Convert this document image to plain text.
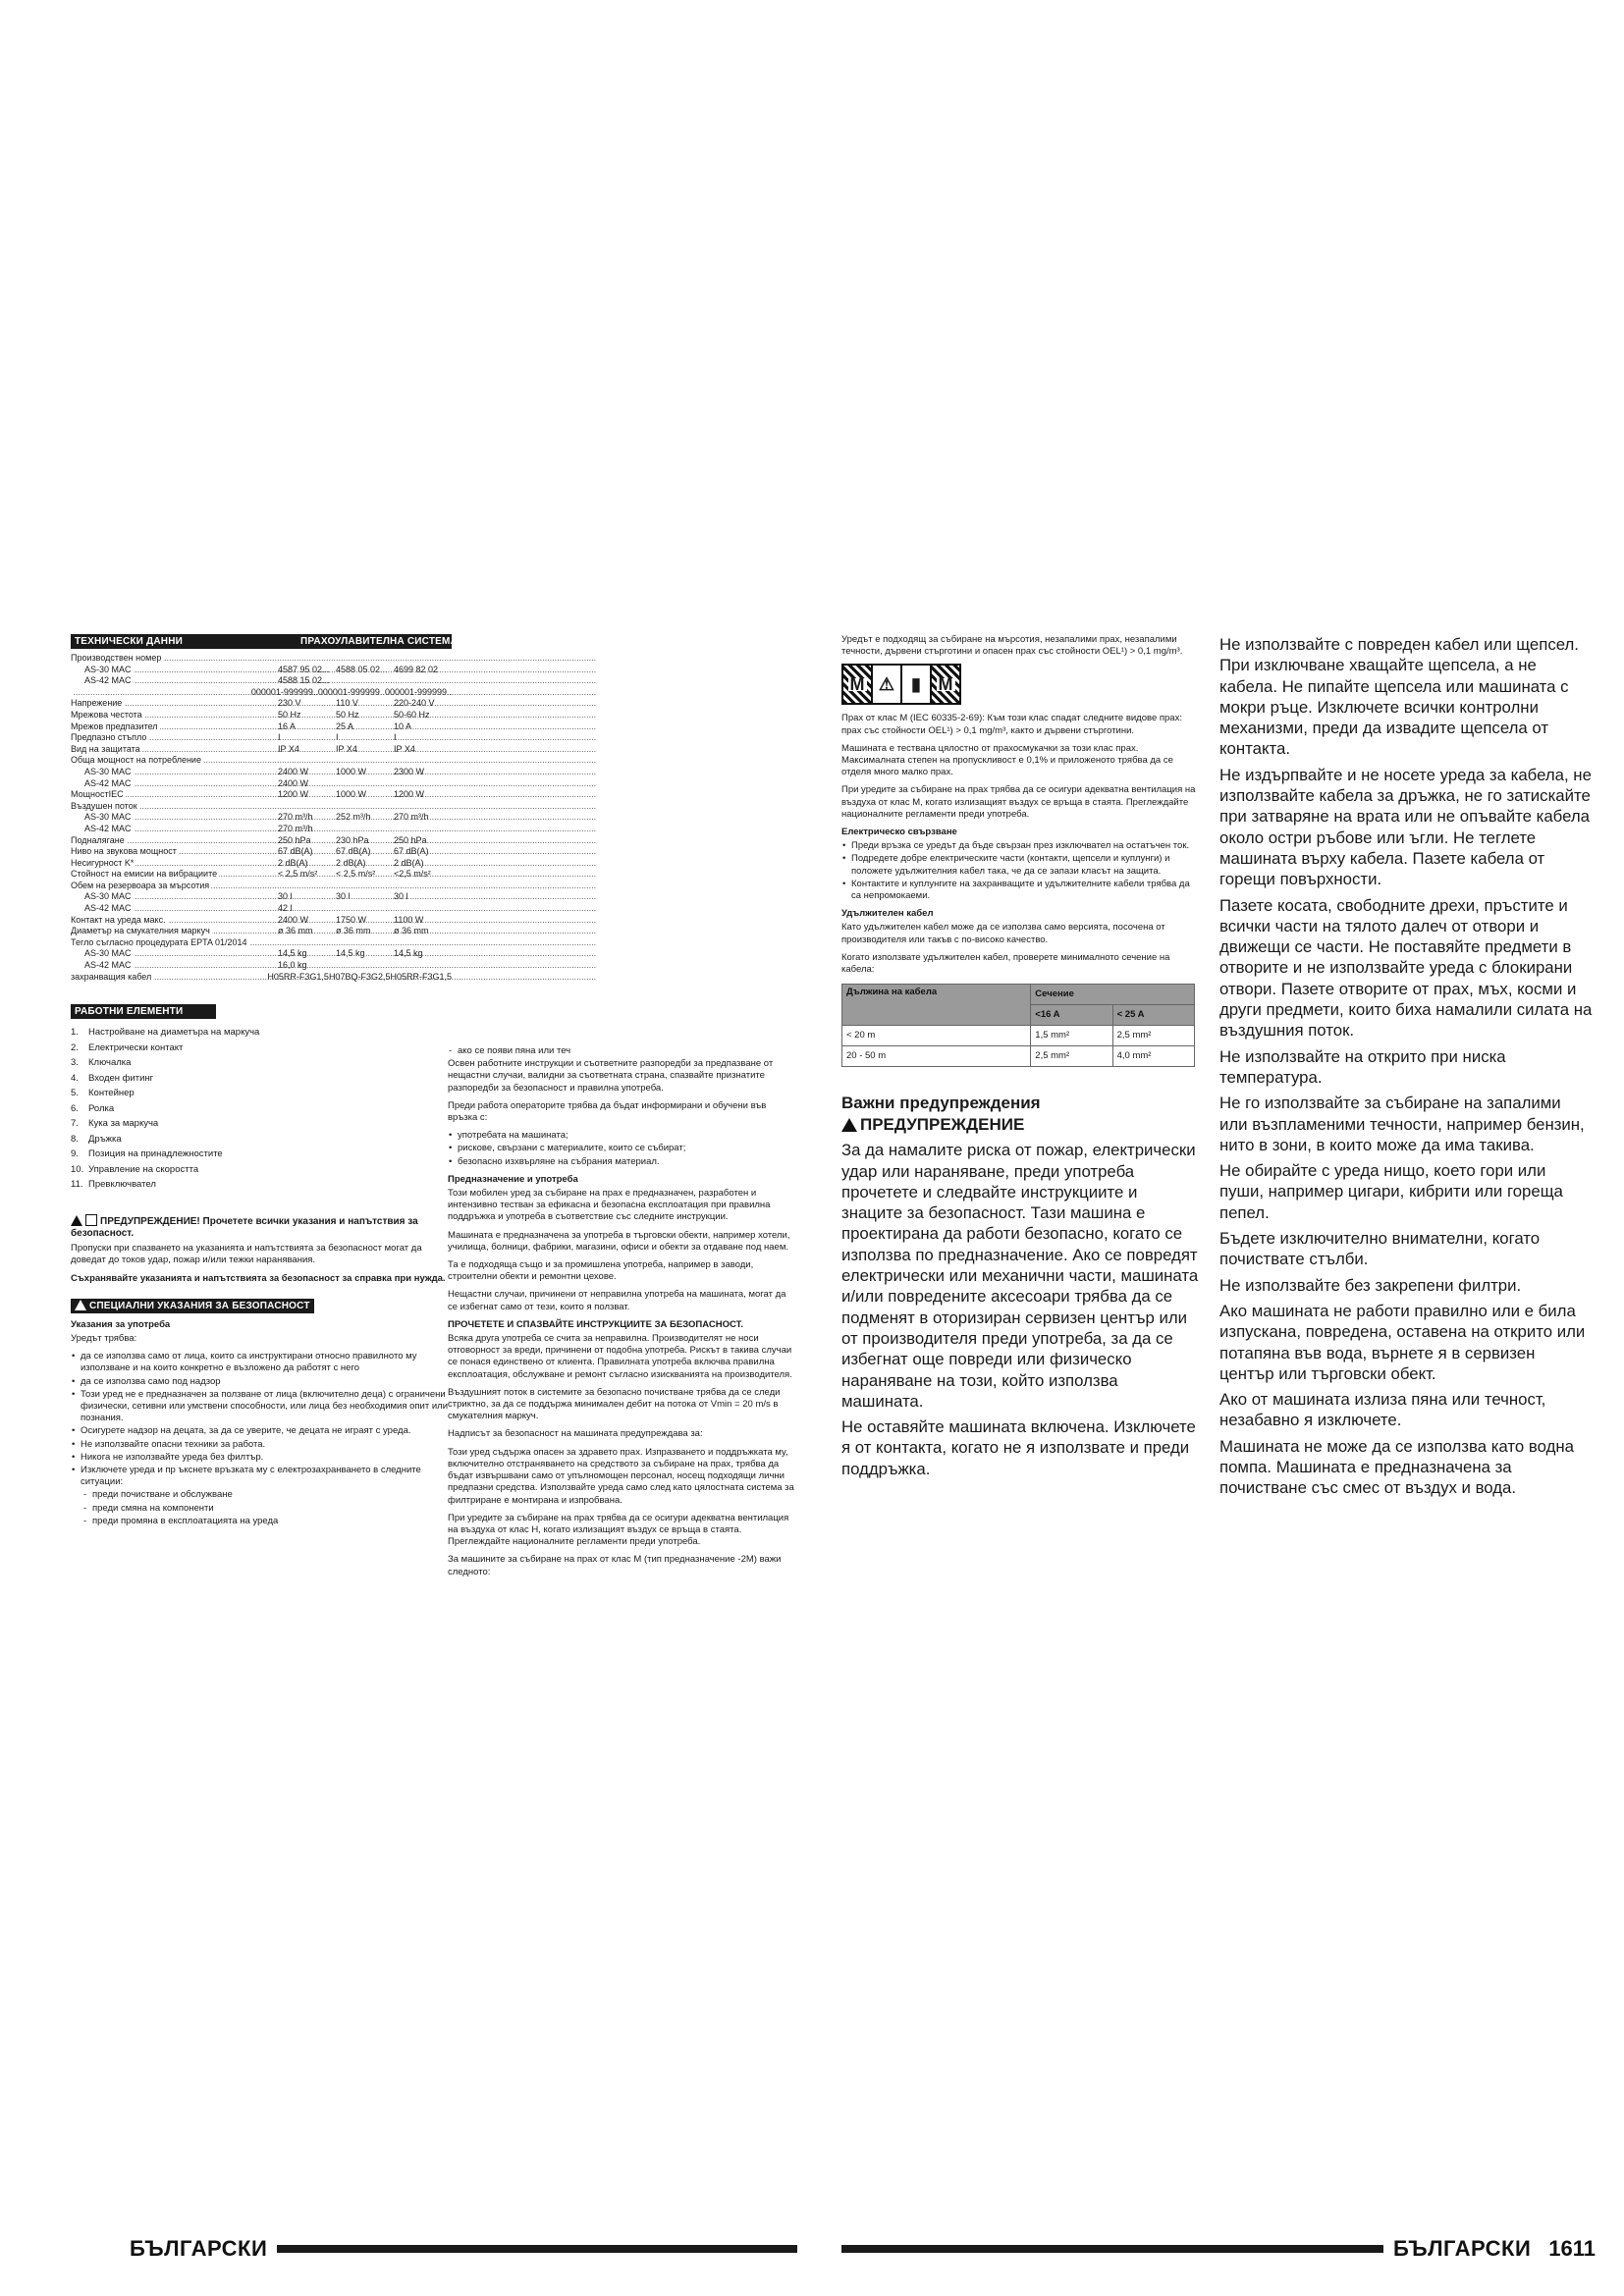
ТЕХНИЧЕСКИ ДАННИ	ПРАХОУЛАВИТЕЛНА СИСТЕМА
Производствен номер .....
AS-30 MAC .....	4587 95 02... 4588 05 02... 4699 82 02
AS-42 MAC .....	4588 15 02...
.....
000001-999999.. 000001-999999.. 000001-999999..
Напрежение .....	230 V	110 V	220-240 V
Мрежова честота .....	50 Hz	50 Hz	50-60 Hz
Мрежов предпазител .....	16 A	25 A	10 A
Предпазно стъпло .....	I	I	I
Вид на защитата .....	IP X4	IP X4	IP X4
Обща мощност на потребление .....
AS-30 MAC .....	2400 W	1000 W	2300 W
AS-42 MAC .....	2400 W
МощностIEC .....	1200 W	1000 W	1200 W
Въздушен поток .....
AS-30 MAC .....	270 m³/h	252 m³/h	270 m³/h
AS-42 MAC .....	270 m³/h
Подналягане .....	250 hPa	230 hPa	250 hPa
Ниво на звукова мощност .....	67 dB(A)	67 dB(A)	67 dB(A)
Несигурност K* .....	2 dB(A)	2 dB(A)	2 dB(A)
Стойност на емисии на вибрациите .....	< 2,5 m/s²	< 2,5 m/s²	<2,5 m/s²
Обем на резервоара за мърсотия .....
AS-30 MAC .....	30 l	30 l	30 l
AS-42 MAC .....	42 l
Контакт на уреда макс. .....	2400 W	1750 W	1100 W
Диаметър на смукателния маркуч .....	ø 36 mm	ø 36 mm	ø 36 mm
Тегло съгласно процедурата EPTA 01/2014 .....
AS-30 MAC .....	14,5 kg	14,5 kg	14,5 kg
AS-42 MAC .....	16,0 kg
захранващия кабел .....	H05RR-F3G1,5 H07BQ-F3G2,5 H05RR-F3G1,5
РАБОТНИ ЕЛЕМЕНТИ
1. Настройване на диаметъра на маркуча
2. Електрически контакт
3. Ключалка
4. Входен фитинг
5. Контейнер
6. Ролка
7. Кука за маркуча
8. Дръжка
9. Позиция на принадлежностите
10. Управление на скоростта
11. Превключвател
ПРЕДУПРЕЖДЕНИЕ! Прочетете всички указания и напътствия за безопасност.
Пропуски при спазването на указанията и напътствията за безопасност могат да доведат до токов удар, пожар и/или тежки наранявания.
Съхранявайте указанията и напътствията за безопасност за справка при нужда.
СПЕЦИАЛНИ УКАЗАНИЯ ЗА БЕЗОПАСНОСТ
Указания за употреба
Уредът трябва:
• да се използва само от лица, които са инструктирани относно правилното му използване и на които конкретно е възложено да работят с него
• да се използва само под надзор
• Този уред не е предназначен за ползване от лица (включително деца) с ограничени физически, сетивни или умствени способности, или лица без необходимия опит или познания.
• Осигурете надзор на децата, за да се уверите, че децата не играят с уреда.
• Не използвайте опасни техники за работа.
• Никога не използвайте уреда без филтър.
• Изключете уреда и пр ъкснете връзката му с електрозахранването в следните ситуации:
- преди почистване и обслужване
- преди смяна на компоненти
- преди промяна в експлоатацията на уреда
- ако се появи пяна или теч

Освен работните инструкции и съответните разпоредби за предпазване от нещастни случаи, валидни за съответната страна, спазвайте признатите разпоредби за безопасност и правилна употреба.

Преди работа операторите трябва да бъдат информирани и обучени във връзка с:

• употребата на машината;
• рискове, свързани с материалите, които се събират;
• безопасно изхвърляне на събрания материал.
Предназначение и употреба

Този мобилен уред за събиране на прах е предназначен, разработен и интензивно тестван за ефикасна и безопасна експлоатация при правилна поддръжка и употреба в съответствие със следните инструкции.

Машината е предназначена за употреба в търговски обекти, например хотели, училища, болници, фабрики, магазини, офиси и обекти за отдаване под наем.

Та е подходяща също и за промишлена употреба, например в заводи, строителни обекти и ремонтни цехове.

Нещастни случаи, причинени от неправилна употреба на машината, могат да се избегнат само от тези, които я ползват.

ПРОЧЕТЕТЕ И СПАЗВАЙТЕ ИНСТРУКЦИИТЕ ЗА БЕЗОПАСНОСТ.

Всяка друга употреба се счита за неправилна. Производителят не носи отговорност за вреди, причинени от подобна употреба. Рискът в такива случаи се понася единствено от клиента. Правилната употреба включва правилна експлоатация, обслужване и ремонт съгласно изискванията на производителя.

Въздушният поток в системите за безопасно почистване трябва да се следи стриктно, за да се поддържа минимален дебит на потока от Vmin = 20 m/s в смукателния маркуч.

Надписът за безопасност на машината предупреждава за:

Този уред съдържа опасен за здравето прах. Изпразването и поддръжката му, включително отстраняването на средството за събиране на прах, трябва да бъдат извършвани само от упълномощен персонал, носещ подходящи лични предпазни средства. Използвайте уреда само след като цялостната система за филтриране е монтирана и изпробвана.

При уредите за събиране на прах трябва да се осигури адекватна вентилация на въздуха от клас H, когато излизащият въздух се връща в стаята. Преглеждайте националните регламенти преди употреба.

За машините за събиране на прах от клас M (тип предназначение -2M) важи следното:

БЪЛГАРСКИ
Уредът е подходящ за събиране на мърсотия, незапалими прах, незапалими течности, дървени стърготини и опасен прах със стойности OEL¹) > 0,1 mg/m³.
M ⚠ ▮ M

Прах от клас M (IEC 60335-2-69): Към този клас спадат следните видове прах: прах със стойности OEL¹) > 0,1 mg/m³, както и дървени стърготини.

Машината е тествана цялостно от прахосмукачки за този клас прах. Максималната степен на пропускливост е 0,1% и приложеното трябва да се отделя много малко прах.

При уредите за събиране на прах трябва да се осигури адекватна вентилация на въздуха от клас M, когато излизащият въздух се връща в стаята. Преглеждайте националните регламенти преди употреба.

Електрическо свързване
• Преди връзка се уредът да бъде свързан през изключвател на остатъчен ток.
• Подредете добре електрическите части (контакти, щепсели и куплунги) и положете удължителния кабел така, че да се запази класът на защита.
• Контактите и куплунгите на захранващите и удължителните кабели трябва да са непромокаеми.
Удължителен кабел

Като удължителен кабел може да се използва само версията, посочена от производителя или такъв с по-високо качество.

Когато използвате удължителен кабел, проверете минималното сечение на кабела:

Дължина на кабела	Сечение	
	<16 A	< 25 A
< 20 m	1,5 mm²	2,5 mm²
20 - 50 m	2,5 mm²	4,0 mm²
Важни предупреждения
ПРЕДУПРЕЖДЕНИЕ

За да намалите риска от пожар, електрически удар или нараняване, преди употреба прочетете и следвайте инструкциите и знаците за безопасност. Тази машина е проектирана да работи безопасно, когато се използва по предназначение. Ако се повредят електрически или механични части, машината и/или повредените аксесоари трябва да се подменят в оторизиран сервизен център или от производителя преди употреба, за да се избегнат още повреди или физическо нараняване на този, който използва машината.

Не оставяйте машината включена. Изключете я от контакта, когато не я използвате и преди поддръжка.

Не използвайте с повреден кабел или щепсел. При изключване хващайте щепсела, а не кабела. Не пипайте щепсела или машината с мокри ръце. Изключете всички контролни механизми, преди да извадите щепсела от контакта.

Не издърпвайте и не носете уреда за кабела, не използвайте кабела за дръжка, не го затискайте при затваряне на врата или не опъвайте кабела около остри ръбове или ъгли. Не теглете машината върху кабела. Пазете кабела от горещи повърхности.

Пазете косата, свободните дрехи, пръстите и всички части на тялото далеч от отвори и движещи се части. Не поставяйте предмети в отворите и не използвайте уреда с блокирани отвори. Пазете отворите от прах, мъх, косми и други предмети, които биха намалили силата на въздушния поток.

Не използвайте на открито при ниска температура.

Не го използвайте за събиране на запалими или възпламеними течности, например бензин, нито в зони, в които може да има такива.

Не обирайте с уреда нищо, което гори или пуши, например цигари, кибрити или гореща пепел.

Бъдете изключително внимателни, когато почиствате стълби.

Не използвайте без закрепени филтри.

Ако машината не работи правилно или е била изпускана, повредена, оставена на открито или потапяна във вода, върнете я в сервизен център или търговски обект.

Ако от машината излиза пяна или течност, незабавно я изключете.

Машината не може да се използва като водна помпа. Машината е предназначена за почистване със смес от въздух и вода.

БЪЛГАРСКИ 1611
